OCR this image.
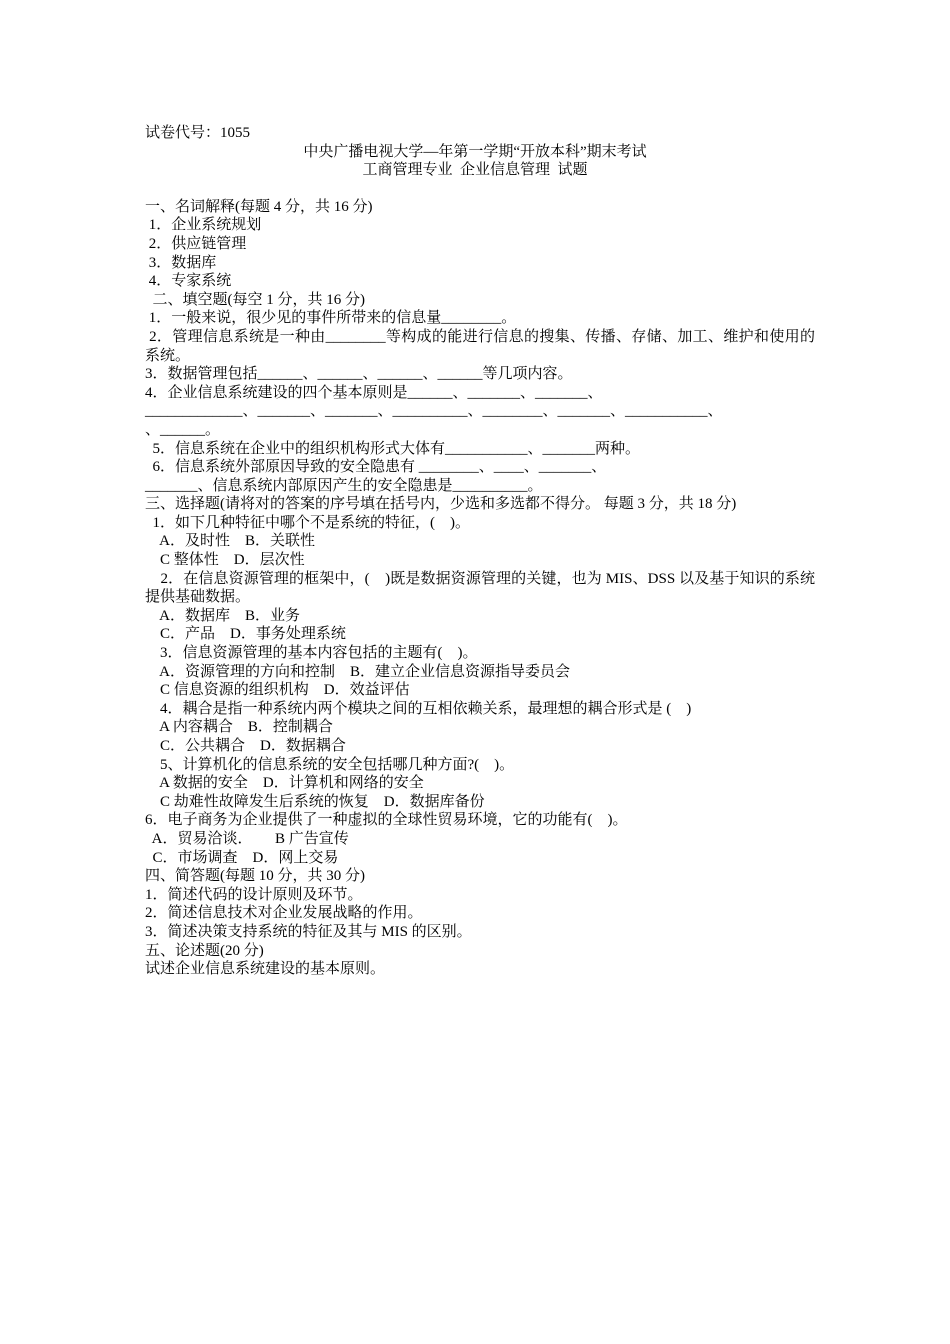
试卷代号：1055
中央广播电视大学—年第一学期“开放本科”期末考试
工商管理专业  企业信息管理  试题
一、名词解释(每题 4 分，共 16 分)
1．企业系统规划
2．供应链管理
3．数据库
4．专家系统
二、填空题(每空 1 分，共 16 分)
1．一般来说，很少见的事件所带来的信息量________。
2．管理信息系统是一种由________等构成的能进行信息的搜集、传播、存储、加工、维护和使用的系统。
3．数据管理包括______、______、______、______等几项内容。
4．企业信息系统建设的四个基本原则是______、_______、_______、
_____________、_______、_______、__________、________、_______、___________、
、______。
5．信息系统在企业中的组织机构形式大体有___________、_______两种。
6．信息系统外部原因导致的安全隐患有 ________、____、_______、
_______、信息系统内部原因产生的安全隐患是__________。
三、选择题(请将对的答案的序号填在括号内，少选和多选都不得分。 每题 3 分，共 18 分)
1．如下几种特征中哪个不是系统的特征，(    )。
A．及时性    B．关联性
C 整体性    D．层次性
2．在信息资源管理的框架中，(    )既是数据资源管理的关键，也为 MIS、DSS 以及基于知识的系统提供基础数据。
A．数据库    B．业务
C．产品    D．事务处理系统
3．信息资源管理的基本内容包括的主题有(    )。
A．资源管理的方向和控制    B．建立企业信息资源指导委员会
C 信息资源的组织机构    D．效益评估
4．耦合是指一种系统内两个模块之间的互相依赖关系，最理想的耦合形式是 (    )
A 内容耦合    B．控制耦合
C．公共耦合    D．数据耦合
5、计算机化的信息系统的安全包括哪几种方面?(    )。
A 数据的安全    D．计算机和网络的安全
C 劫难性故障发生后系统的恢复    D．数据库备份
6．电子商务为企业提供了一种虚拟的全球性贸易环境，它的功能有(    )。
A．贸易洽谈．      B 广告宣传
C．市场调查    D．网上交易
四、简答题(每题 10 分，共 30 分)
1．简述代码的设计原则及环节。
2．简述信息技术对企业发展战略的作用。
3．简述决策支持系统的特征及其与 MIS 的区别。
五、论述题(20 分)
试述企业信息系统建设的基本原则。
